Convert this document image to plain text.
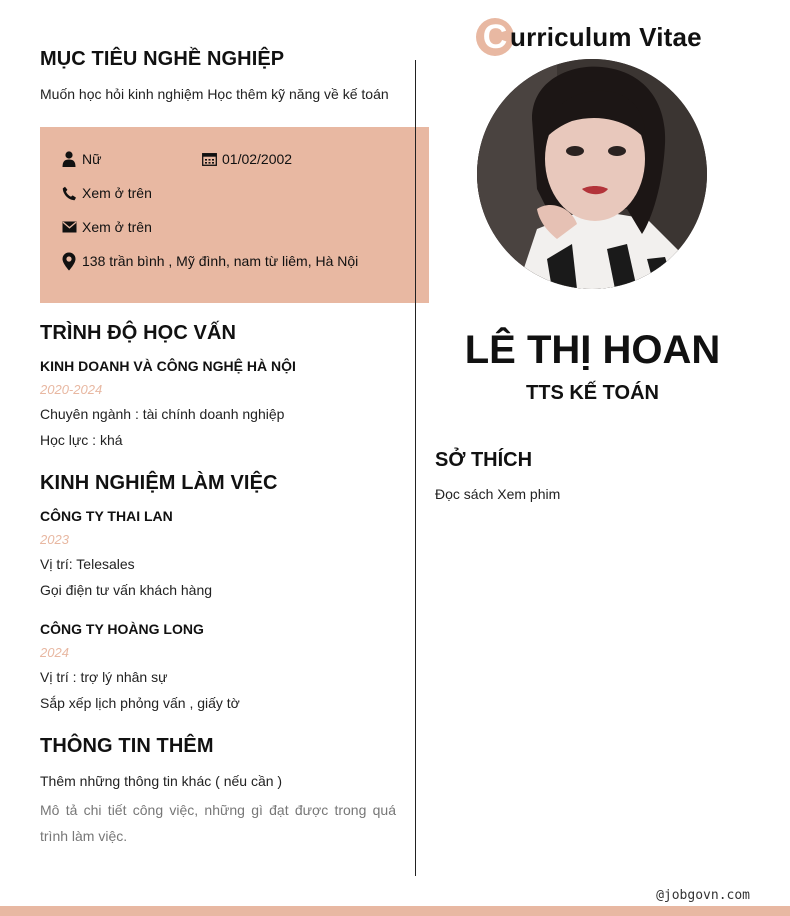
MỤC TIÊU NGHỀ NGHIỆP
Muốn học hỏi kinh nghiệm Học thêm kỹ năng về kế toán
Nữ	01/02/2002
Xem ở trên
Xem ở trên
138 trần bình , Mỹ đình, nam từ liêm, Hà Nội
TRÌNH ĐỘ HỌC VẤN
KINH DOANH VÀ CÔNG NGHỆ HÀ NỘI
2020-2024
Chuyên ngành : tài chính doanh nghiệp
Học lực : khá
KINH NGHIỆM LÀM VIỆC
CÔNG TY THAI LAN
2023
Vị trí: Telesales
Gọi điện tư vấn khách hàng
CÔNG TY HOÀNG LONG
2024
Vị trí : trợ lý nhân sự
Sắp xếp lịch phỏng vấn , giấy tờ
THÔNG TIN THÊM
Thêm những thông tin khác ( nếu cần )
Mô tả chi tiết công việc, những gì đạt được trong quá trình làm việc.
C urriculum Vitae
LÊ THỊ HOAN
TTS KẾ TOÁN
SỞ THÍCH
Đọc sách Xem phim
@jobgovn.com
